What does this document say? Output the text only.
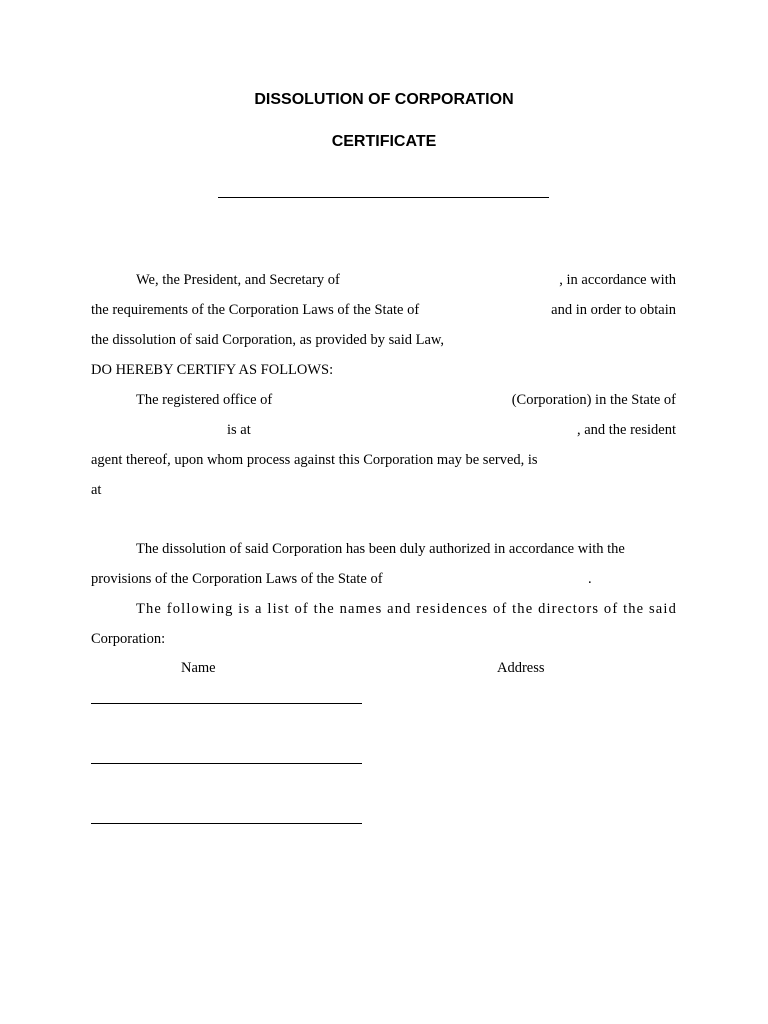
DISSOLUTION OF CORPORATION
CERTIFICATE
We, the President, and Secretary of	, in accordance with
the requirements of the Corporation Laws of the State of	and in order to obtain
the dissolution of said Corporation, as provided by said Law,
DO HEREBY CERTIFY AS FOLLOWS:
The registered office of	(Corporation) in the State of
is at	, and the resident
agent thereof, upon whom process against this Corporation may be served, is
at
The dissolution of said Corporation has been duly authorized in accordance with the
provisions of the Corporation Laws of the State of	.
The following is a list of the names and residences of the directors of the said
Corporation:
Name	Address
